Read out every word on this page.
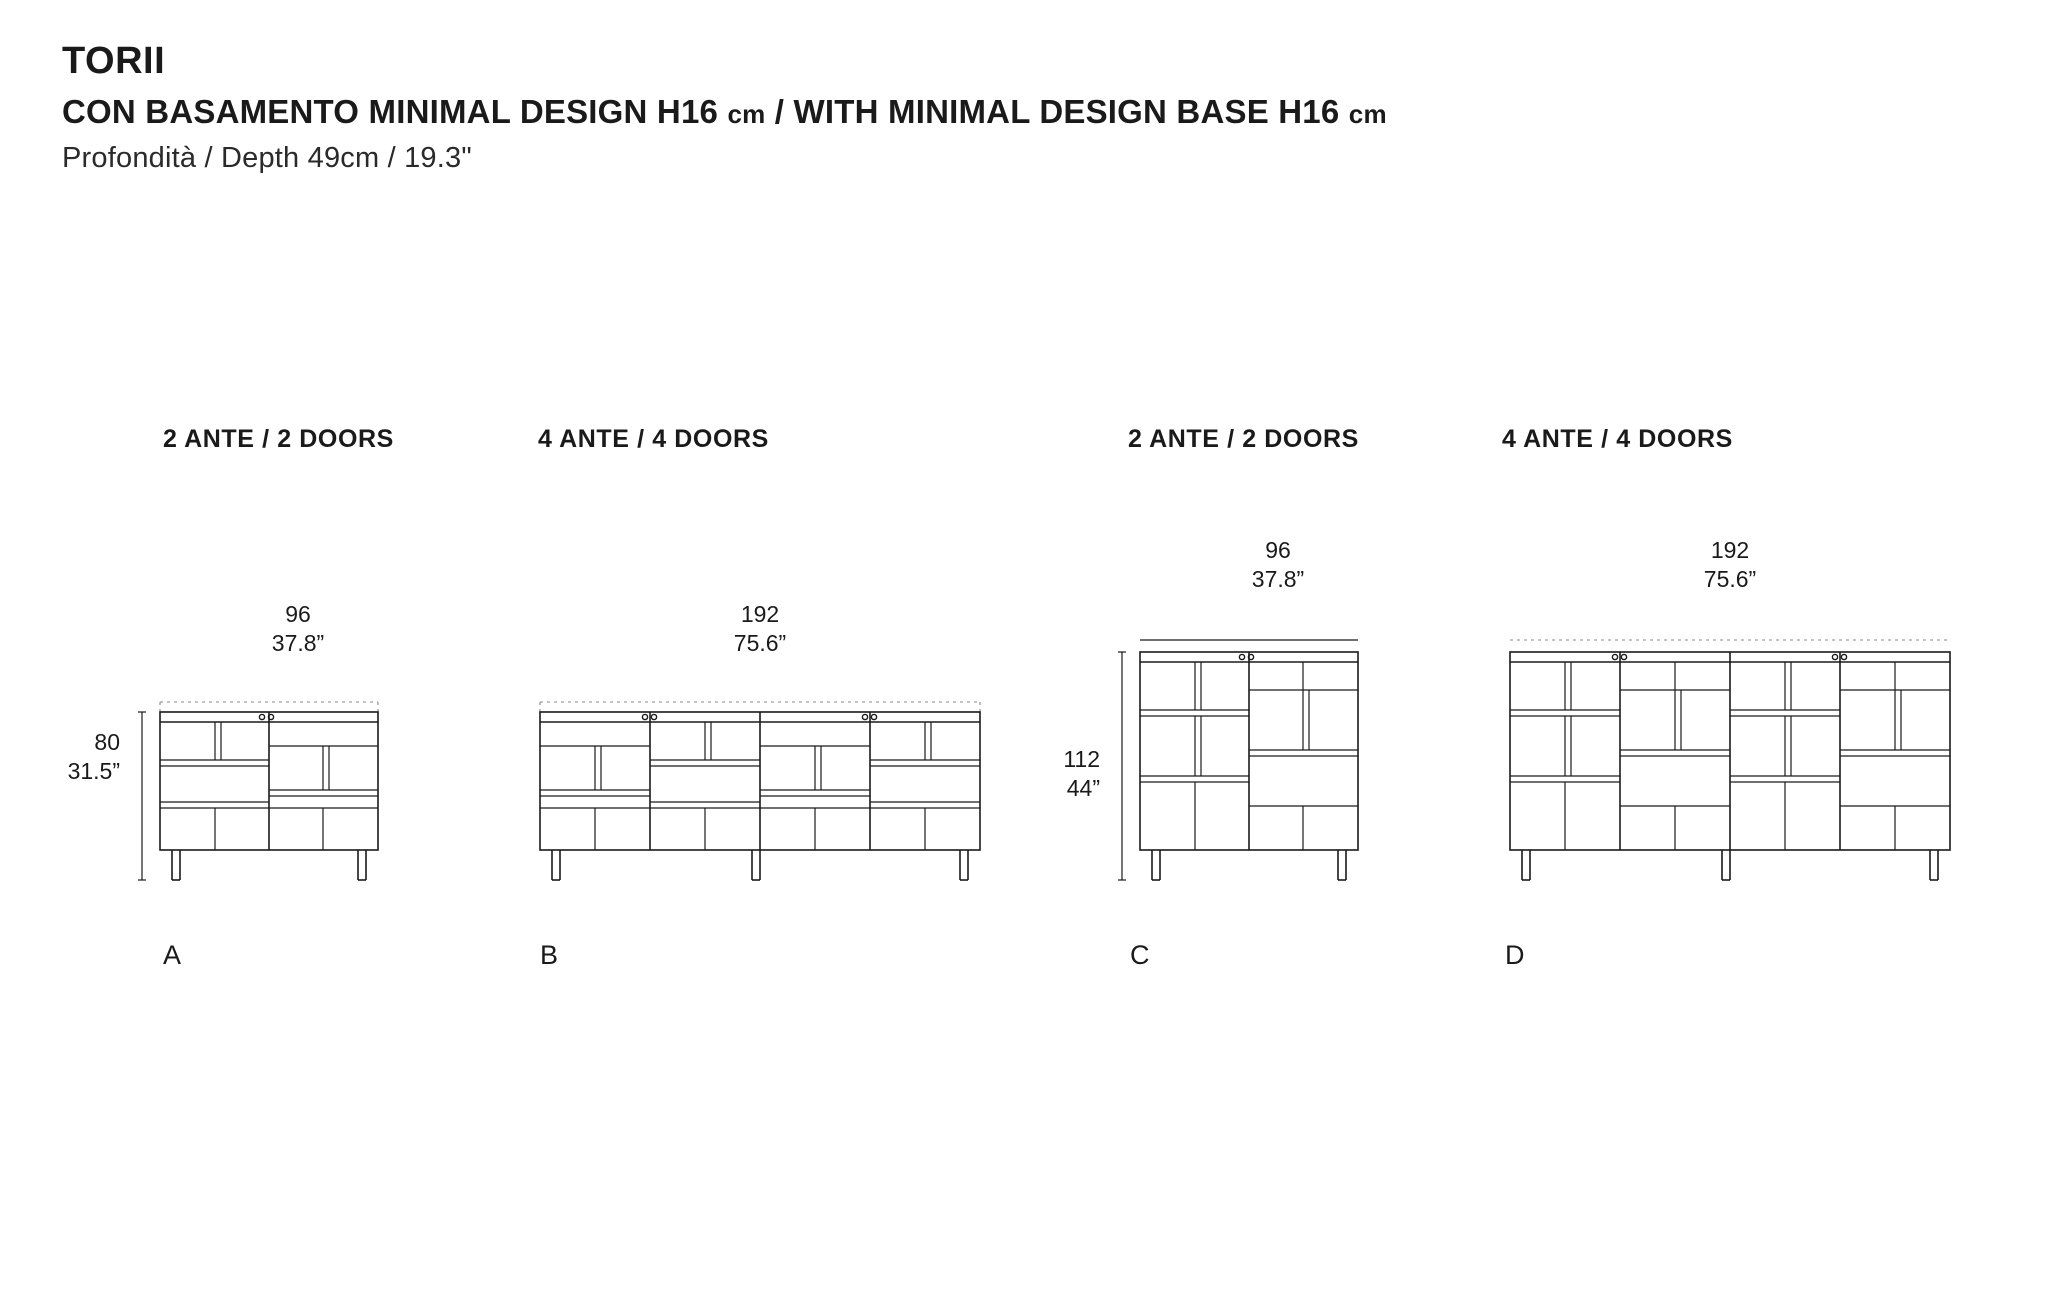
TORII
CON BASAMENTO MINIMAL DESIGN H16 cm / WITH MINIMAL DESIGN BASE H16 cm

Profondità / Depth 49cm / 19.3"

2 ANTE / 2 DOORS	4 ANTE / 4 DOORS	2 ANTE / 2 DOORS	4 ANTE / 4 DOORS
96
37.8”
80
31.5”
A
192
75.6”
B
96
37.8”
112
44”
C
192
75.6”
D
